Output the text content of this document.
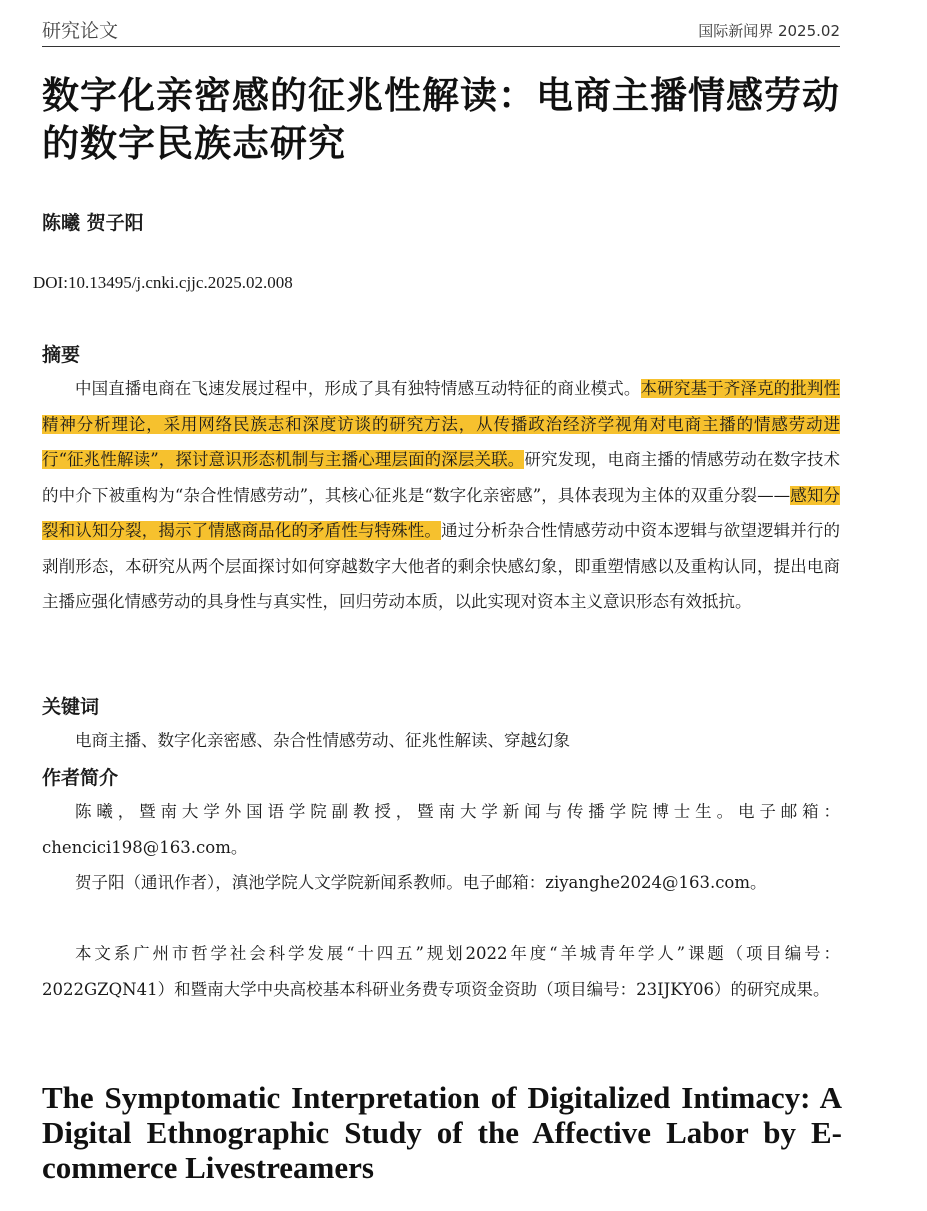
研究论文	国际新闻界 2025.02
数字化亲密感的征兆性解读：电商主播情感劳动的数字民族志研究
陈曦 贺子阳
DOI:10.13495/j.cnki.cjjc.2025.02.008
摘要

中国直播电商在飞速发展过程中，形成了具有独特情感互动特征的商业模式。本研究基于齐泽克的批判性精神分析理论，采用网络民族志和深度访谈的研究方法，从传播政治经济学视角对电商主播的情感劳动进行“征兆性解读”，探讨意识形态机制与主播心理层面的深层关联。研究发现，电商主播的情感劳动在数字技术的中介下被重构为“杂合性情感劳动”，其核心征兆是“数字化亲密感”，具体表现为主体的双重分裂——感知分裂和认知分裂，揭示了情感商品化的矛盾性与特殊性。通过分析杂合性情感劳动中资本逻辑与欲望逻辑并行的剥削形态，本研究从两个层面探讨如何穿越数字大他者的剩余快感幻象，即重塑情感以及重构认同，提出电商主播应强化情感劳动的具身性与真实性，回归劳动本质，以此实现对资本主义意识形态有效抵抗。

关键词

电商主播、数字化亲密感、杂合性情感劳动、征兆性解读、穿越幻象

作者简介

陈曦，暨南大学外国语学院副教授，暨南大学新闻与传播学院博士生。电子邮箱：chencici198@163.com。

贺子阳（通讯作者），滇池学院人文学院新闻系教师。电子邮箱：ziyanghe2024@163.com。

本文系广州市哲学社会科学发展“十四五”规划2022年度“羊城青年学人”课题（项目编号：2022GZQN41）和暨南大学中央高校基本科研业务费专项资金资助（项目编号：23IJKY06）的研究成果。

The Symptomatic Interpretation of Digitalized Intimacy: A Digital Ethnographic Study of the Affective Labor by E-commerce Livestreamers
